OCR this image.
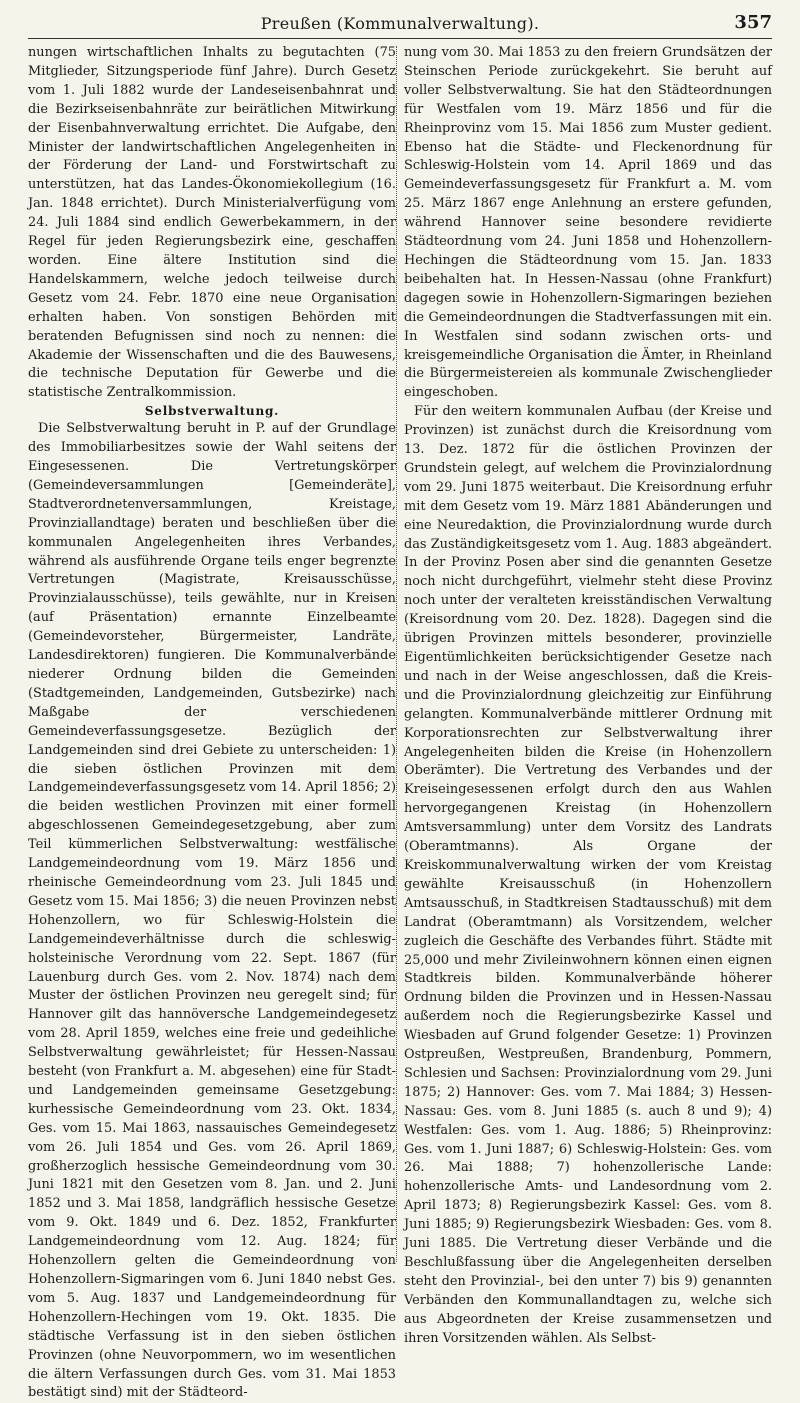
Preußen (Kommunalverwaltung).	357

nungen wirtschaftlichen Inhalts zu begutachten (75 Mitglieder, Sitzungsperiode fünf Jahre). Durch Gesetz vom 1. Juli 1882 wurde der Landeseisenbahnrat und die Bezirkseisenbahnräte zur beirätlichen Mitwirkung der Eisenbahnverwaltung errichtet. Die Aufgabe, den Minister der landwirtschaftlichen Angelegenheiten in der Förderung der Land- und Forstwirtschaft zu unterstützen, hat das Landes-Ökonomiekollegium (16. Jan. 1848 errichtet). Durch Ministerialverfügung vom 24. Juli 1884 sind endlich Gewerbekammern, in der Regel für jeden Regierungsbezirk eine, geschaffen worden. Eine ältere Institution sind die Handelskammern, welche jedoch teilweise durch Gesetz vom 24. Febr. 1870 eine neue Organisation erhalten haben. Von sonstigen Behörden mit beratenden Befugnissen sind noch zu nennen: die Akademie der Wissenschaften und die des Bauwesens, die technische Deputation für Gewerbe und die statistische Zentralkommission.

Selbstverwaltung.

Die Selbstverwaltung beruht in P. auf der Grundlage des Immobiliarbesitzes sowie der Wahl seitens der Eingesessenen. Die Vertretungskörper (Gemeindeversammlungen [Gemeinderäte], Stadtverordnetenversammlungen, Kreistage, Provinziallandtage) beraten und beschließen über die kommunalen Angelegenheiten ihres Verbandes, während als ausführende Organe teils enger begrenzte Vertretungen (Magistrate, Kreisausschüsse, Provinzialausschüsse), teils gewählte, nur in Kreisen (auf Präsentation) ernannte Einzelbeamte (Gemeindevorsteher, Bürgermeister, Landräte, Landesdirektoren) fungieren. Die Kommunalverbände niederer Ordnung bilden die Gemeinden (Stadtgemeinden, Landgemeinden, Gutsbezirke) nach Maßgabe der verschiedenen Gemeindeverfassungsgesetze. Bezüglich der Landgemeinden sind drei Gebiete zu unterscheiden: 1) die sieben östlichen Provinzen mit dem Landgemeindeverfassungsgesetz vom 14. April 1856; 2) die beiden westlichen Provinzen mit einer formell abgeschlossenen Gemeindegesetzgebung, aber zum Teil kümmerlichen Selbstverwaltung: westfälische Landgemeindeordnung vom 19. März 1856 und rheinische Gemeindeordnung vom 23. Juli 1845 und Gesetz vom 15. Mai 1856; 3) die neuen Provinzen nebst Hohenzollern, wo für Schleswig-Holstein die Landgemeindeverhältnisse durch die schleswig-holsteinische Verordnung vom 22. Sept. 1867 (für Lauenburg durch Ges. vom 2. Nov. 1874) nach dem Muster der östlichen Provinzen neu geregelt sind; für Hannover gilt das hannöversche Landgemeindegesetz vom 28. April 1859, welches eine freie und gedeihliche Selbstverwaltung gewährleistet; für Hessen-Nassau besteht (von Frankfurt a. M. abgesehen) eine für Stadt- und Landgemeinden gemeinsame Gesetzgebung: kurhessische Gemeindeordnung vom 23. Okt. 1834, Ges. vom 15. Mai 1863, nassauisches Gemeindegesetz vom 26. Juli 1854 und Ges. vom 26. April 1869, großherzoglich hessische Gemeindeordnung vom 30. Juni 1821 mit den Gesetzen vom 8. Jan. und 2. Juni 1852 und 3. Mai 1858, landgräflich hessische Gesetze vom 9. Okt. 1849 und 6. Dez. 1852, Frankfurter Landgemeindeordnung vom 12. Aug. 1824; für Hohenzollern gelten die Gemeindeordnung von Hohenzollern-Sigmaringen vom 6. Juni 1840 nebst Ges. vom 5. Aug. 1837 und Landgemeindeordnung für Hohenzollern-Hechingen vom 19. Okt. 1835. Die städtische Verfassung ist in den sieben östlichen Provinzen (ohne Neuvorpommern, wo im wesentlichen die ältern Verfassungen durch Ges. vom 31. Mai 1853 bestätigt sind) mit der Städteord-

nung vom 30. Mai 1853 zu den freiern Grundsätzen der Steinschen Periode zurückgekehrt. Sie beruht auf voller Selbstverwaltung. Sie hat den Städteordnungen für Westfalen vom 19. März 1856 und für die Rheinprovinz vom 15. Mai 1856 zum Muster gedient. Ebenso hat die Städte- und Fleckenordnung für Schleswig-Holstein vom 14. April 1869 und das Gemeindeverfassungsgesetz für Frankfurt a. M. vom 25. März 1867 enge Anlehnung an erstere gefunden, während Hannover seine besondere revidierte Städteordnung vom 24. Juni 1858 und Hohenzollern-Hechingen die Städteordnung vom 15. Jan. 1833 beibehalten hat. In Hessen-Nassau (ohne Frankfurt) dagegen sowie in Hohenzollern-Sigmaringen beziehen die Gemeindeordnungen die Stadtverfassungen mit ein. In Westfalen sind sodann zwischen orts- und kreisgemeindliche Organisation die Ämter, in Rheinland die Bürgermeistereien als kommunale Zwischenglieder eingeschoben.

Für den weitern kommunalen Aufbau (der Kreise und Provinzen) ist zunächst durch die Kreisordnung vom 13. Dez. 1872 für die östlichen Provinzen der Grundstein gelegt, auf welchem die Provinzialordnung vom 29. Juni 1875 weiterbaut. Die Kreisordnung erfuhr mit dem Gesetz vom 19. März 1881 Abänderungen und eine Neuredaktion, die Provinzialordnung wurde durch das Zuständigkeitsgesetz vom 1. Aug. 1883 abgeändert. In der Provinz Posen aber sind die genannten Gesetze noch nicht durchgeführt, vielmehr steht diese Provinz noch unter der veralteten kreisständischen Verwaltung (Kreisordnung vom 20. Dez. 1828). Dagegen sind die übrigen Provinzen mittels besonderer, provinzielle Eigentümlichkeiten berücksichtigender Gesetze nach und nach in der Weise angeschlossen, daß die Kreis- und die Provinzialordnung gleichzeitig zur Einführung gelangten. Kommunalverbände mittlerer Ordnung mit Korporationsrechten zur Selbstverwaltung ihrer Angelegenheiten bilden die Kreise (in Hohenzollern Oberämter). Die Vertretung des Verbandes und der Kreiseingesessenen erfolgt durch den aus Wahlen hervorgegangenen Kreistag (in Hohenzollern Amtsversammlung) unter dem Vorsitz des Landrats (Oberamtmanns). Als Organe der Kreiskommunalverwaltung wirken der vom Kreistag gewählte Kreisausschuß (in Hohenzollern Amtsausschuß, in Stadtkreisen Stadtausschuß) mit dem Landrat (Oberamtmann) als Vorsitzendem, welcher zugleich die Geschäfte des Verbandes führt. Städte mit 25,000 und mehr Zivileinwohnern können einen eignen Stadtkreis bilden. Kommunalverbände höherer Ordnung bilden die Provinzen und in Hessen-Nassau außerdem noch die Regierungsbezirke Kassel und Wiesbaden auf Grund folgender Gesetze: 1) Provinzen Ostpreußen, Westpreußen, Brandenburg, Pommern, Schlesien und Sachsen: Provinzialordnung vom 29. Juni 1875; 2) Hannover: Ges. vom 7. Mai 1884; 3) Hessen-Nassau: Ges. vom 8. Juni 1885 (s. auch 8 und 9); 4) Westfalen: Ges. vom 1. Aug. 1886; 5) Rheinprovinz: Ges. vom 1. Juni 1887; 6) Schleswig-Holstein: Ges. vom 26. Mai 1888; 7) hohenzollerische Lande: hohenzollerische Amts- und Landesordnung vom 2. April 1873; 8) Regierungsbezirk Kassel: Ges. vom 8. Juni 1885; 9) Regierungsbezirk Wiesbaden: Ges. vom 8. Juni 1885. Die Vertretung dieser Verbände und die Beschlußfassung über die Angelegenheiten derselben steht den Provinzial-, bei den unter 7) bis 9) genannten Verbänden den Kommunallandtagen zu, welche sich aus Abgeordneten der Kreise zusammensetzen und ihren Vorsitzenden wählen. Als Selbst-
